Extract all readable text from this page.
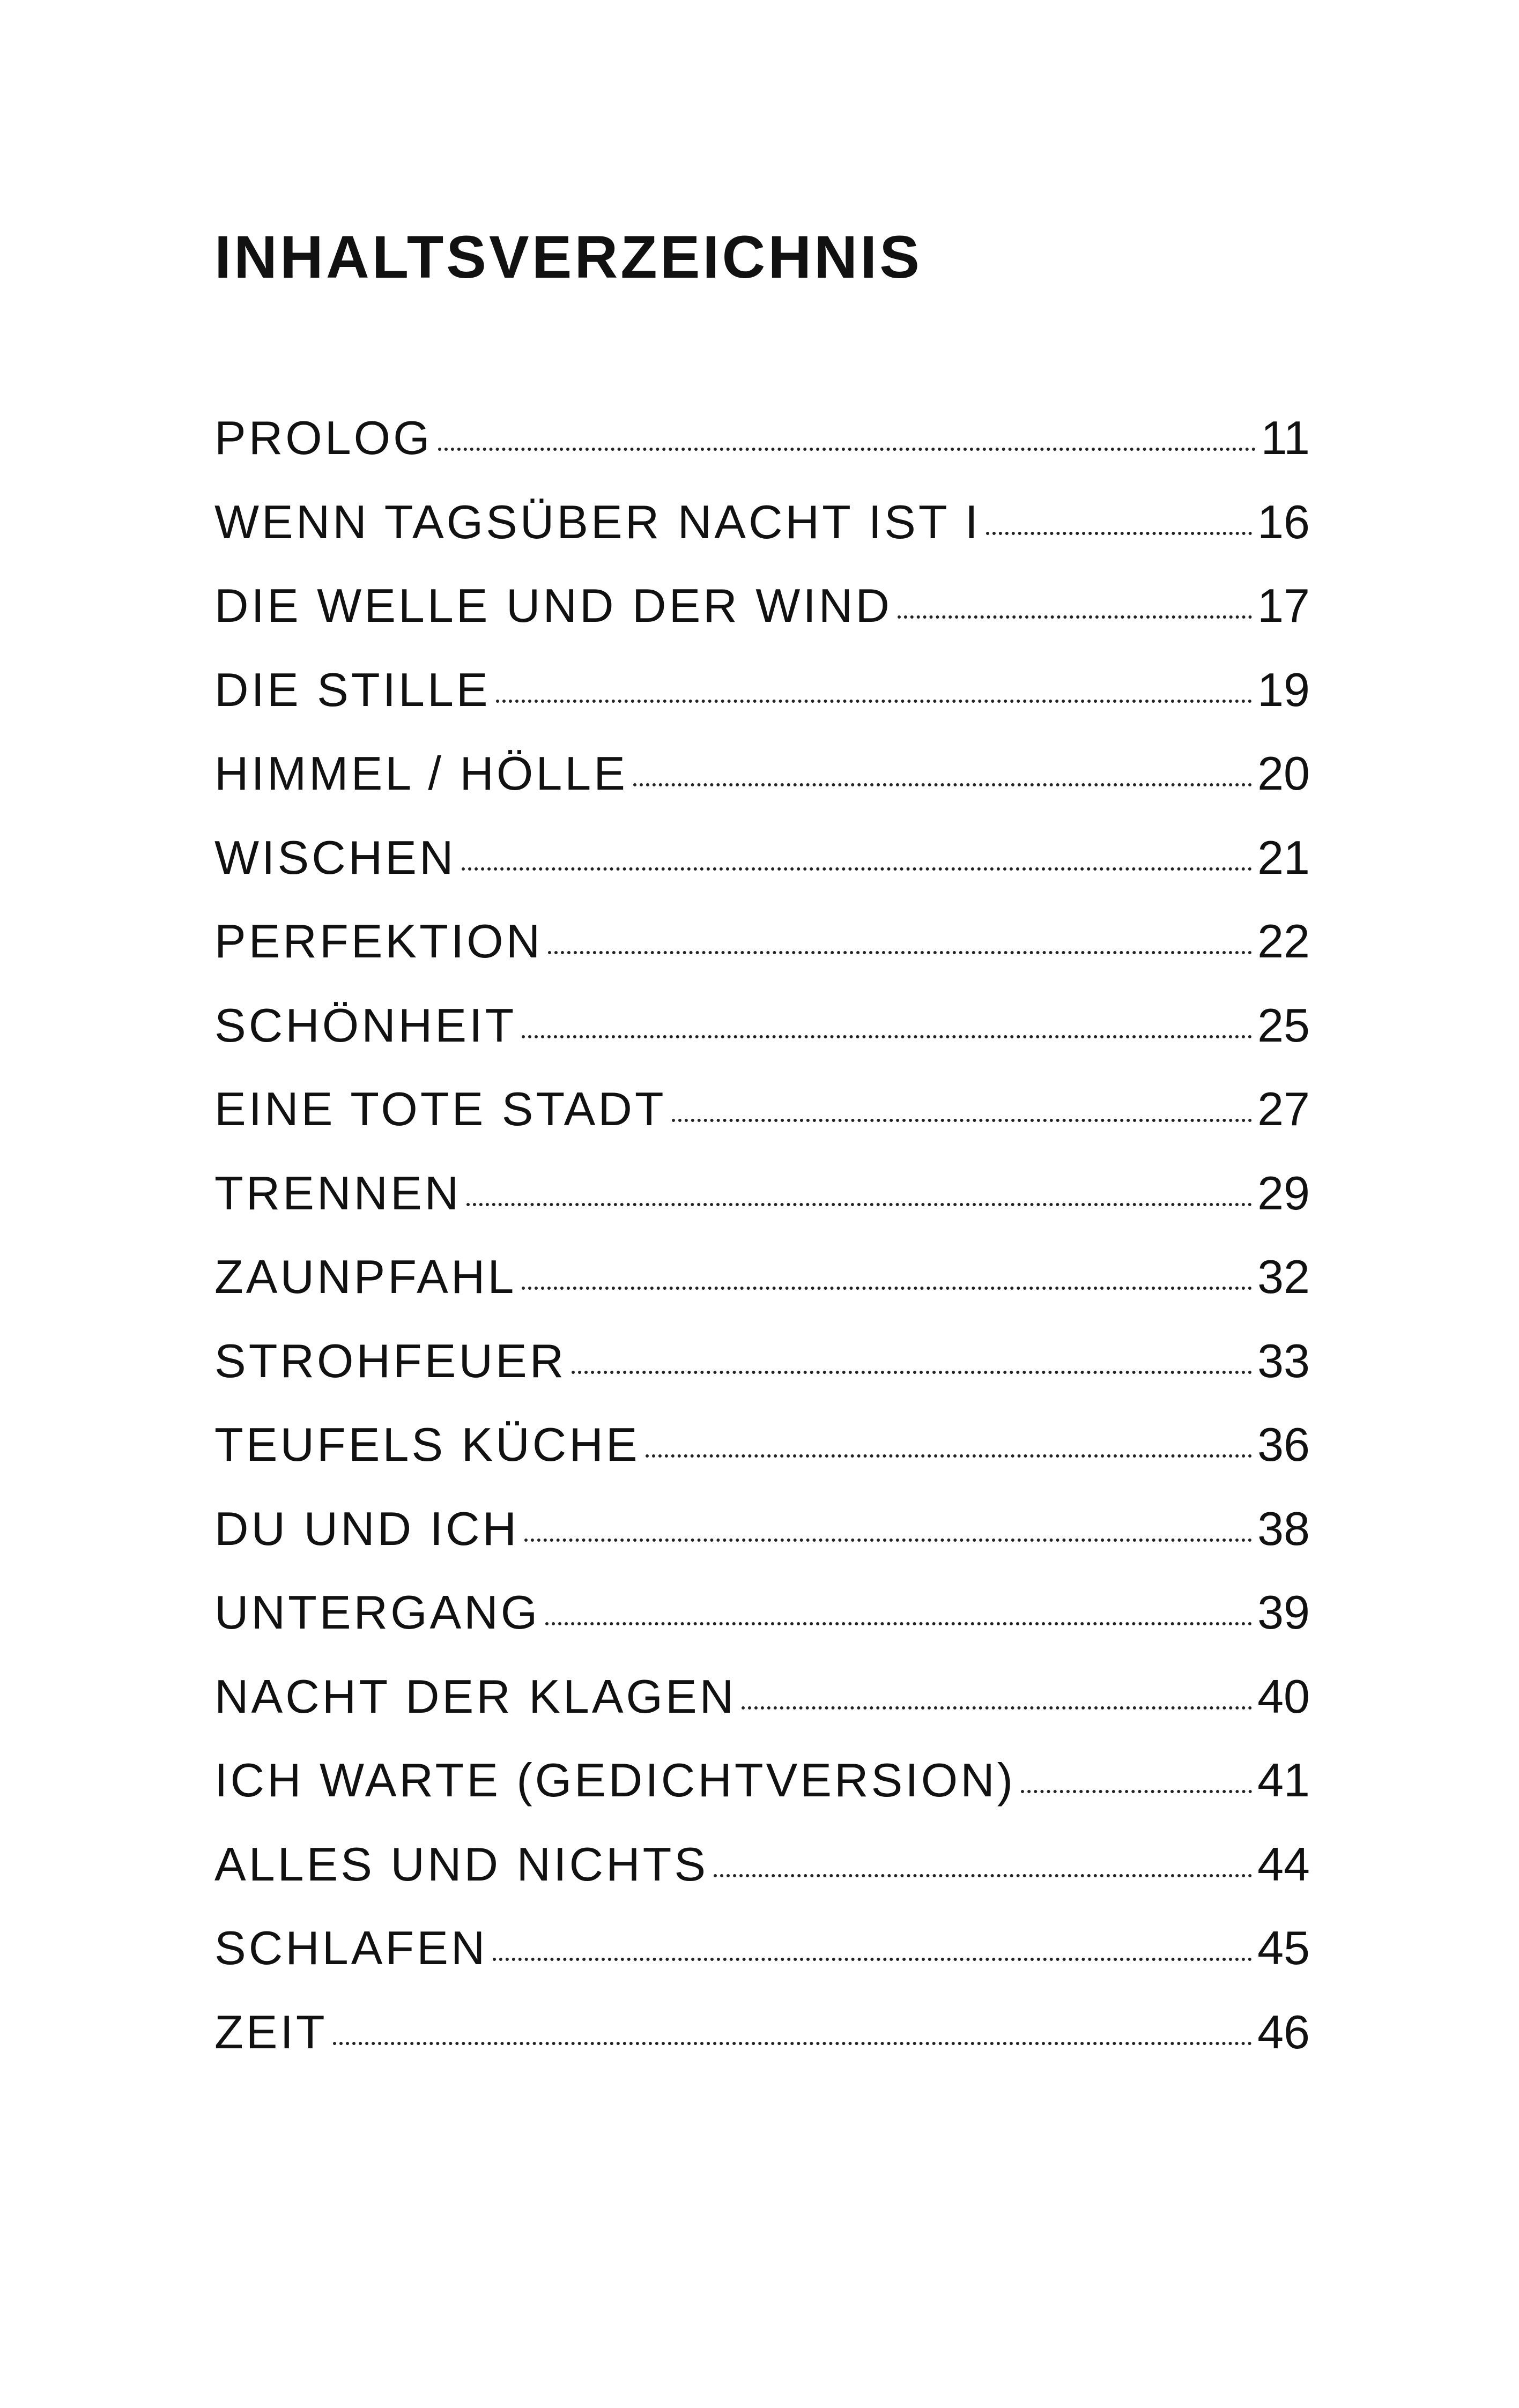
INHALTSVERZEICHNIS
PROLOG	11
WENN TAGSÜBER NACHT IST I	16
DIE WELLE UND DER WIND	17
DIE STILLE	19
HIMMEL / HÖLLE	20
WISCHEN	21
PERFEKTION	22
SCHÖNHEIT	25
EINE TOTE STADT	27
TRENNEN	29
ZAUNPFAHL	32
STROHFEUER	33
TEUFELS KÜCHE	36
DU UND ICH	38
UNTERGANG	39
NACHT DER KLAGEN	40
ICH WARTE (GEDICHTVERSION)	41
ALLES UND NICHTS	44
SCHLAFEN	45
ZEIT	46
